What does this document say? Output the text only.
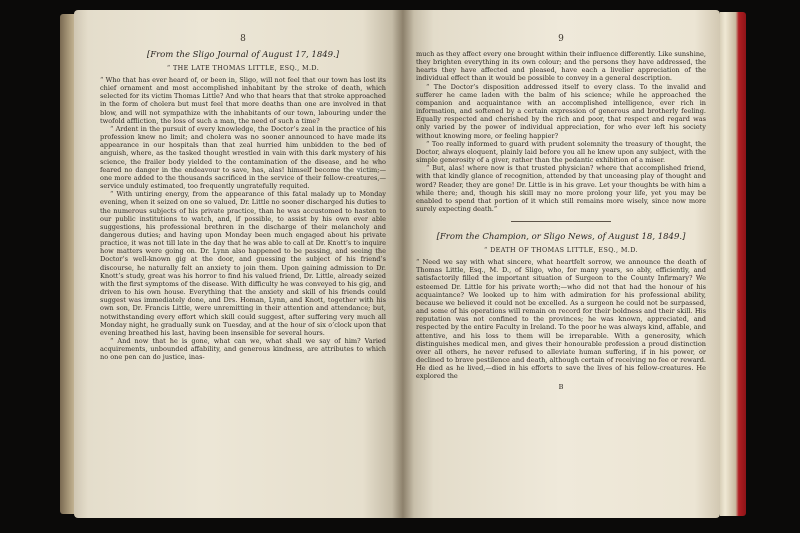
8
[From the Sligo Journal of August 17, 1849.]
“ THE LATE THOMAS LITTLE, ESQ., M.D.

“ Who that has ever heard of, or been in, Sligo, will not feel that our town has lost its chief ornament and most accomplished inhabitant by the stroke of death, which selected for its victim Thomas Little? And who that hears that that stroke approached in the form of cholera but must feel that more deaths than one are involved in that blow, and will not sympathize with the inhabitants of our town, labouring under the twofold affliction, the loss of such a man, the need of such a time?

“ Ardent in the pursuit of every knowledge, the Doctor’s zeal in the practice of his profession knew no limit; and cholera was no sooner announced to have made its appearance in our hospitals than that zeal hurried him unbidden to the bed of anguish, where, as the tasked thought wrestled in vain with this dark mystery of his science, the frailer body yielded to the contamination of the disease, and he who feared no danger in the endeavour to save, has, alas! himself become the victim;—one more added to the thousands sacrificed in the service of their fellow-creatures,—service unduly estimated, too frequently ungratefully requited.

“ With untiring energy, from the appearance of this fatal malady up to Monday evening, when it seized on one so valued, Dr. Little no sooner discharged his duties to the numerous subjects of his private practice, than he was accustomed to hasten to our public institutions to watch, and, if possible, to assist by his own ever able suggestions, his professional brethren in the discharge of their melancholy and dangerous duties; and having upon Monday been much engaged about his private practice, it was not till late in the day that he was able to call at Dr. Knott’s to inquire how matters were going on. Dr. Lynn also happened to be passing, and seeing the Doctor’s well-known gig at the door, and guessing the subject of his friend’s discourse, he naturally felt an anxiety to join them. Upon gaining admission to Dr. Knott’s study, great was his horror to find his valued friend, Dr. Little, already seized with the first symptoms of the disease. With difficulty he was conveyed to his gig, and driven to his own house. Everything that the anxiety and skill of his friends could suggest was immediately done, and Drs. Homan, Lynn, and Knott, together with his own son, Dr. Francis Little, were unremitting in their attention and attendance; but, notwithstanding every effort which skill could suggest, after suffering very much all Monday night, he gradually sunk on Tuesday, and at the hour of six o’clock upon that evening breathed his last, having been insensible for several hours.

“ And now that he is gone, what can we, what shall we say of him? Varied acquirements, unbounded affability, and generous kindness, are attributes to which no one pen can do justice, inas-

9

much as they affect every one brought within their influence differently. Like sunshine, they brighten everything in its own colour; and the persons they have addressed, the hearts they have affected and pleased, have each a livelier appreciation of the individual effect than it would be possible to convey in a general description.

“ The Doctor’s disposition addressed itself to every class. To the invalid and sufferer he came laden with the balm of his science; while he approached the companion and acquaintance with an accomplished intelligence, ever rich in information, and softened by a certain expression of generous and brotherly feeling. Equally respected and cherished by the rich and poor, that respect and regard was only varied by the power of individual appreciation, for who ever left his society without knowing more, or feeling happier?

“ Too really informed to guard with prudent solemnity the treasury of thought, the Doctor, always eloquent, plainly laid before you all he knew upon any subject, with the simple generosity of a giver, rather than the pedantic exhibition of a miser.

“ But, alas! where now is that trusted physician? where that accomplished friend, with that kindly glance of recognition, attended by that unceasing play of thought and word? Reader, they are gone! Dr. Little is in his grave. Let your thoughts be with him a while there; and, though his skill may no more prolong your life, yet you may be enabled to spend that portion of it which still remains more wisely, since now more surely expecting death.”

[From the Champion, or Sligo News, of August 18, 1849.]
“ DEATH OF THOMAS LITTLE, ESQ., M.D.

“ Need we say with what sincere, what heartfelt sorrow, we announce the death of Thomas Little, Esq., M. D., of Sligo, who, for many years, so ably, efficiently, and satisfactorily filled the important situation of Surgeon to the County Infirmary? We esteemed Dr. Little for his private worth;—who did not that had the honour of his acquaintance? We looked up to him with admiration for his professional ability, because we believed it could not be excelled. As a surgeon he could not be surpassed, and some of his operations will remain on record for their boldness and their skill. His reputation was not confined to the provinces; he was known, appreciated, and respected by the entire Faculty in Ireland. To the poor he was always kind, affable, and attentive, and his loss to them will be irreparable. With a generosity, which distinguishes medical men, and gives their honourable profession a proud distinction over all others, he never refused to alleviate human suffering, if in his power, or declined to brave pestilence and death, although certain of receiving no fee or reward. He died as he lived,—died in his efforts to save the lives of his fellow-creatures. He explored the

B
